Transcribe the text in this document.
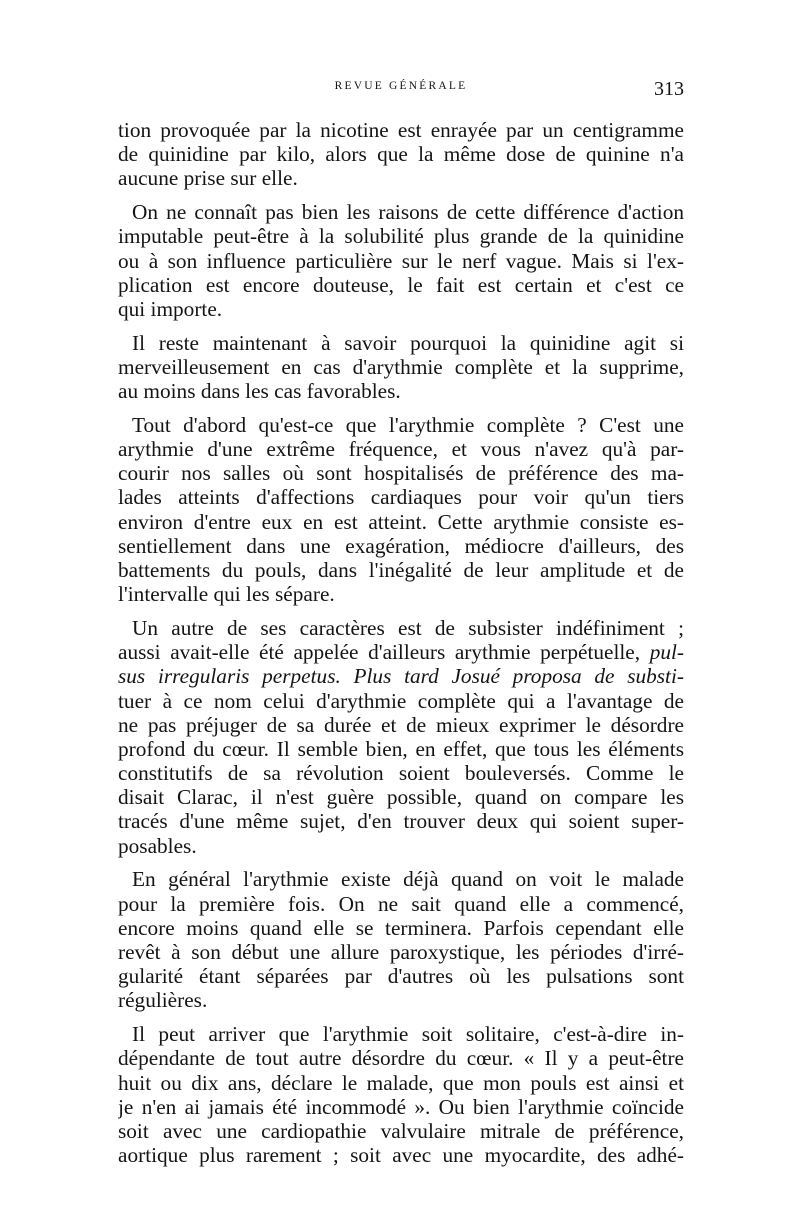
REVUE GÉNÉRALE	313
tion provoquée par la nicotine est enrayée par un centigramme
de quinidine par kilo, alors que la même dose de quinine n'a
aucune prise sur elle.
On ne connaît pas bien les raisons de cette différence d'action
imputable peut-être à la solubilité plus grande de la quinidine
ou à son influence particulière sur le nerf vague. Mais si l'ex-
plication est encore douteuse, le fait est certain et c'est ce
qui importe.
Il reste maintenant à savoir pourquoi la quinidine agit si
merveilleusement en cas d'arythmie complète et la supprime,
au moins dans les cas favorables.
Tout d'abord qu'est-ce que l'arythmie complète ? C'est une
arythmie d'une extrême fréquence, et vous n'avez qu'à par-
courir nos salles où sont hospitalisés de préférence des ma-
lades atteints d'affections cardiaques pour voir qu'un tiers
environ d'entre eux en est atteint. Cette arythmie consiste es-
sentiellement dans une exagération, médiocre d'ailleurs, des
battements du pouls, dans l'inégalité de leur amplitude et de
l'intervalle qui les sépare.
Un autre de ses caractères est de subsister indéfiniment ;
aussi avait-elle été appelée d'ailleurs arythmie perpétuelle, pul-
sus irregularis perpetus. Plus tard Josué proposa de substi-
tuer à ce nom celui d'arythmie complète qui a l'avantage de
ne pas préjuger de sa durée et de mieux exprimer le désordre
profond du cœur. Il semble bien, en effet, que tous les éléments
constitutifs de sa révolution soient bouleversés. Comme le
disait Clarac, il n'est guère possible, quand on compare les
tracés d'une même sujet, d'en trouver deux qui soient super-
posables.
En général l'arythmie existe déjà quand on voit le malade
pour la première fois. On ne sait quand elle a commencé,
encore moins quand elle se terminera. Parfois cependant elle
revêt à son début une allure paroxystique, les périodes d'irré-
gularité étant séparées par d'autres où les pulsations sont
régulières.
Il peut arriver que l'arythmie soit solitaire, c'est-à-dire in-
dépendante de tout autre désordre du cœur. « Il y a peut-être
huit ou dix ans, déclare le malade, que mon pouls est ainsi et
je n'en ai jamais été incommodé ». Ou bien l'arythmie coïncide
soit avec une cardiopathie valvulaire mitrale de préférence,
aortique plus rarement ; soit avec une myocardite, des adhé-
